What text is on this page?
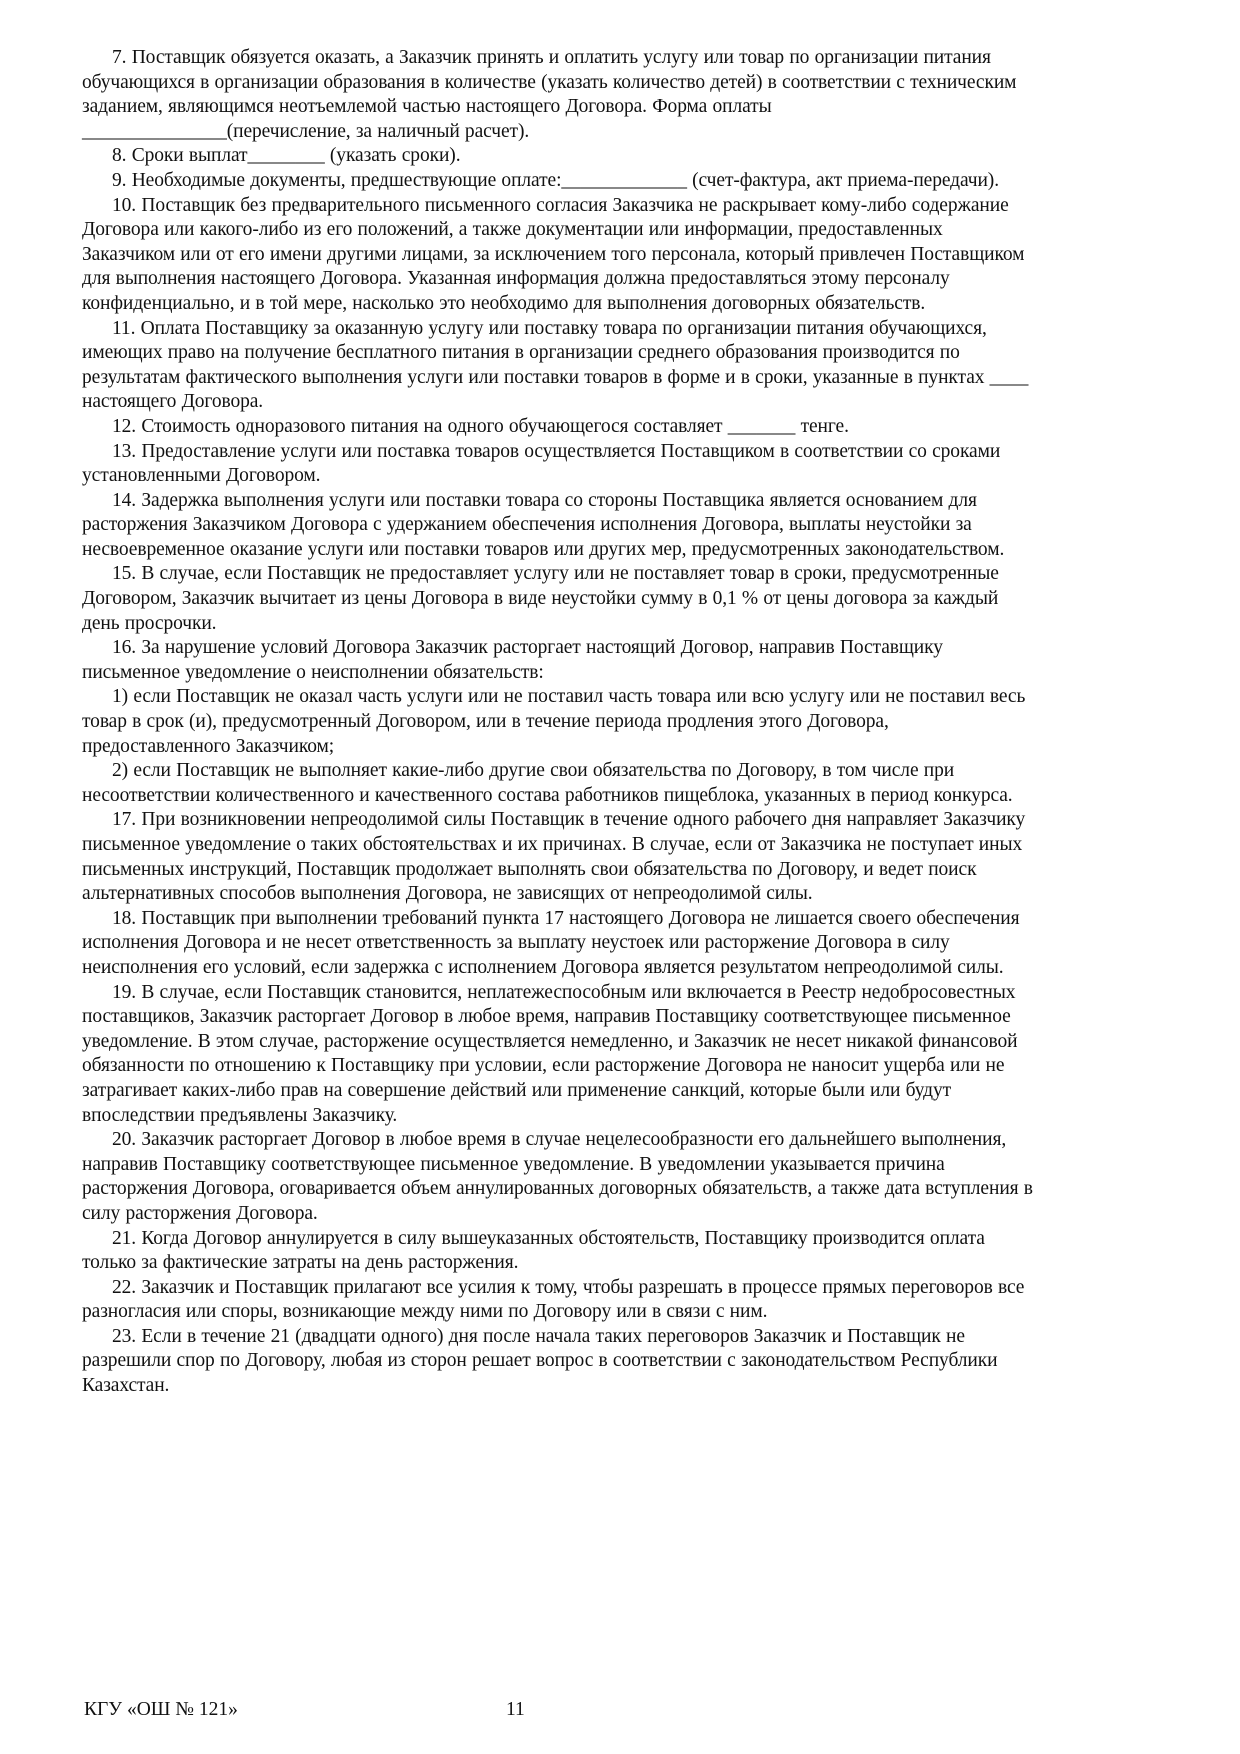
7. Поставщик обязуется оказать, а Заказчик принять и оплатить услугу или товар по организации питания обучающихся в организации образования в количестве (указать количество детей) в соответствии с техническим заданием, являющимся неотъемлемой частью настоящего Договора. Форма оплаты _______________(перечисление, за наличный расчет).

8. Сроки выплат________ (указать сроки).

9. Необходимые документы, предшествующие оплате:_____________ (счет-фактура, акт приема-передачи).

10. Поставщик без предварительного письменного согласия Заказчика не раскрывает кому-либо содержание Договора или какого-либо из его положений, а также документации или информации, предоставленных Заказчиком или от его имени другими лицами, за исключением того персонала, который привлечен Поставщиком для выполнения настоящего Договора. Указанная информация должна предоставляться этому персоналу конфиденциально, и в той мере, насколько это необходимо для выполнения договорных обязательств.

11. Оплата Поставщику за оказанную услугу или поставку товара по организации питания обучающихся, имеющих право на получение бесплатного питания в организации среднего образования производится по результатам фактического выполнения услуги или поставки товаров в форме и в сроки, указанные в пунктах ____ настоящего Договора.

12. Стоимость одноразового питания на одного обучающегося составляет _______ тенге.

13. Предоставление услуги или поставка товаров осуществляется Поставщиком в соответствии со сроками установленными Договором.

14. Задержка выполнения услуги или поставки товара со стороны Поставщика является основанием для расторжения Заказчиком Договора с удержанием обеспечения исполнения Договора, выплаты неустойки за несвоевременное оказание услуги или поставки товаров или других мер, предусмотренных законодательством.

15. В случае, если Поставщик не предоставляет услугу или не поставляет товар в сроки, предусмотренные Договором, Заказчик вычитает из цены Договора в виде неустойки сумму в 0,1 % от цены договора за каждый день просрочки.

16. За нарушение условий Договора Заказчик расторгает настоящий Договор, направив Поставщику письменное уведомление о неисполнении обязательств:

1) если Поставщик не оказал часть услуги или не поставил часть товара или всю услугу или не поставил весь товар в срок (и), предусмотренный Договором, или в течение периода продления этого Договора, предоставленного Заказчиком;

2) если Поставщик не выполняет какие-либо другие свои обязательства по Договору, в том числе при несоответствии количественного и качественного состава работников пищеблока, указанных в период конкурса.

17. При возникновении непреодолимой силы Поставщик в течение одного рабочего дня направляет Заказчику письменное уведомление о таких обстоятельствах и их причинах. В случае, если от Заказчика не поступает иных письменных инструкций, Поставщик продолжает выполнять свои обязательства по Договору, и ведет поиск альтернативных способов выполнения Договора, не зависящих от непреодолимой силы.

18. Поставщик при выполнении требований пункта 17 настоящего Договора не лишается своего обеспечения исполнения Договора и не несет ответственность за выплату неустоек или расторжение Договора в силу неисполнения его условий, если задержка с исполнением Договора является результатом непреодолимой силы.

19. В случае, если Поставщик становится, неплатежеспособным или включается в Реестр недобросовестных поставщиков, Заказчик расторгает Договор в любое время, направив Поставщику соответствующее письменное уведомление. В этом случае, расторжение осуществляется немедленно, и Заказчик не несет никакой финансовой обязанности по отношению к Поставщику при условии, если расторжение Договора не наносит ущерба или не затрагивает каких-либо прав на совершение действий или применение санкций, которые были или будут впоследствии предъявлены Заказчику.

20. Заказчик расторгает Договор в любое время в случае нецелесообразности его дальнейшего выполнения, направив Поставщику соответствующее письменное уведомление. В уведомлении указывается причина расторжения Договора, оговаривается объем аннулированных договорных обязательств, а также дата вступления в силу расторжения Договора.

21. Когда Договор аннулируется в силу вышеуказанных обстоятельств, Поставщику производится оплата только за фактические затраты на день расторжения.

22. Заказчик и Поставщик прилагают все усилия к тому, чтобы разрешать в процессе прямых переговоров все разногласия или споры, возникающие между ними по Договору или в связи с ним.

23. Если в течение 21 (двадцати одного) дня после начала таких переговоров Заказчик и Поставщик не разрешили спор по Договору, любая из сторон решает вопрос в соответствии с законодательством Республики Казахстан.

КГУ «ОШ № 121»	11
